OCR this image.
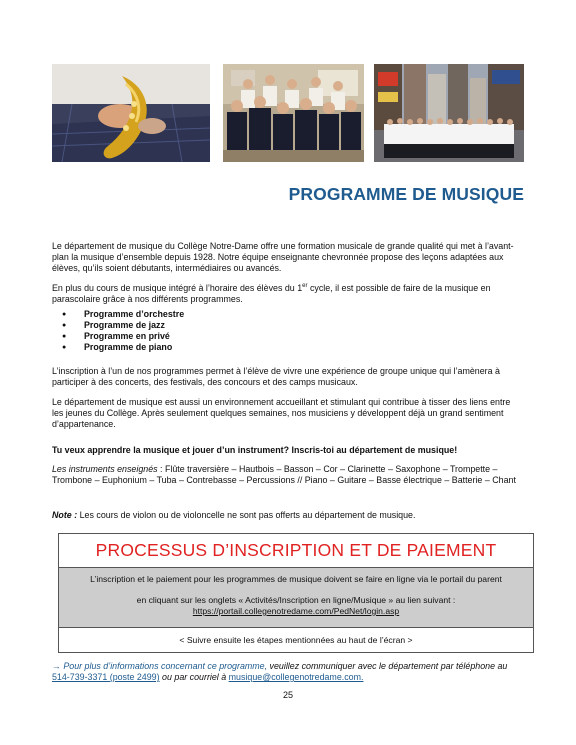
PROGRAMME DE MUSIQUE

Le département de musique du Collège Notre-Dame offre une formation musicale de grande qualité qui met à l’avant-plan la musique d’ensemble depuis 1928. Notre équipe enseignante chevronnée propose des leçons adaptées aux élèves, qu’ils soient débutants, intermédiaires ou avancés.

En plus du cours de musique intégré à l’horaire des élèves du 1er cycle, il est possible de faire de la musique en parascolaire grâce à nos différents programmes.

● Programme d’orchestre
● Programme de jazz
● Programme en privé
● Programme de piano

L’inscription à l’un de nos programmes permet à l’élève de vivre une expérience de groupe unique qui l’amènera à participer à des concerts, des festivals, des concours et des camps musicaux.

Le département de musique est aussi un environnement accueillant et stimulant qui contribue à tisser des liens entre les jeunes du Collège. Après seulement quelques semaines, nos musiciens y développent déjà un grand sentiment d’appartenance.

Tu veux apprendre la musique et jouer d’un instrument? Inscris-toi au département de musique!

Les instruments enseignés : Flûte traversière – Hautbois – Basson – Cor – Clarinette – Saxophone – Trompette – Trombone – Euphonium – Tuba – Contrebasse – Percussions // Piano – Guitare – Basse électrique – Batterie – Chant

Note : Les cours de violon ou de violoncelle ne sont pas offerts au département de musique.

PROCESSUS D’INSCRIPTION ET DE PAIEMENT
L’inscription et le paiement pour les programmes de musique doivent se faire en ligne via le portail du parent
en cliquant sur les onglets « Activités/Inscription en ligne/Musique » au lien suivant :
https://portail.collegenotredame.com/PedNet/login.asp
< Suivre ensuite les étapes mentionnées au haut de l’écran >

→ Pour plus d’informations concernant ce programme, veuillez communiquer avec le département par téléphone au 514-739-3371 (poste 2499) ou par courriel à musique@collegenotredame.com.

25
